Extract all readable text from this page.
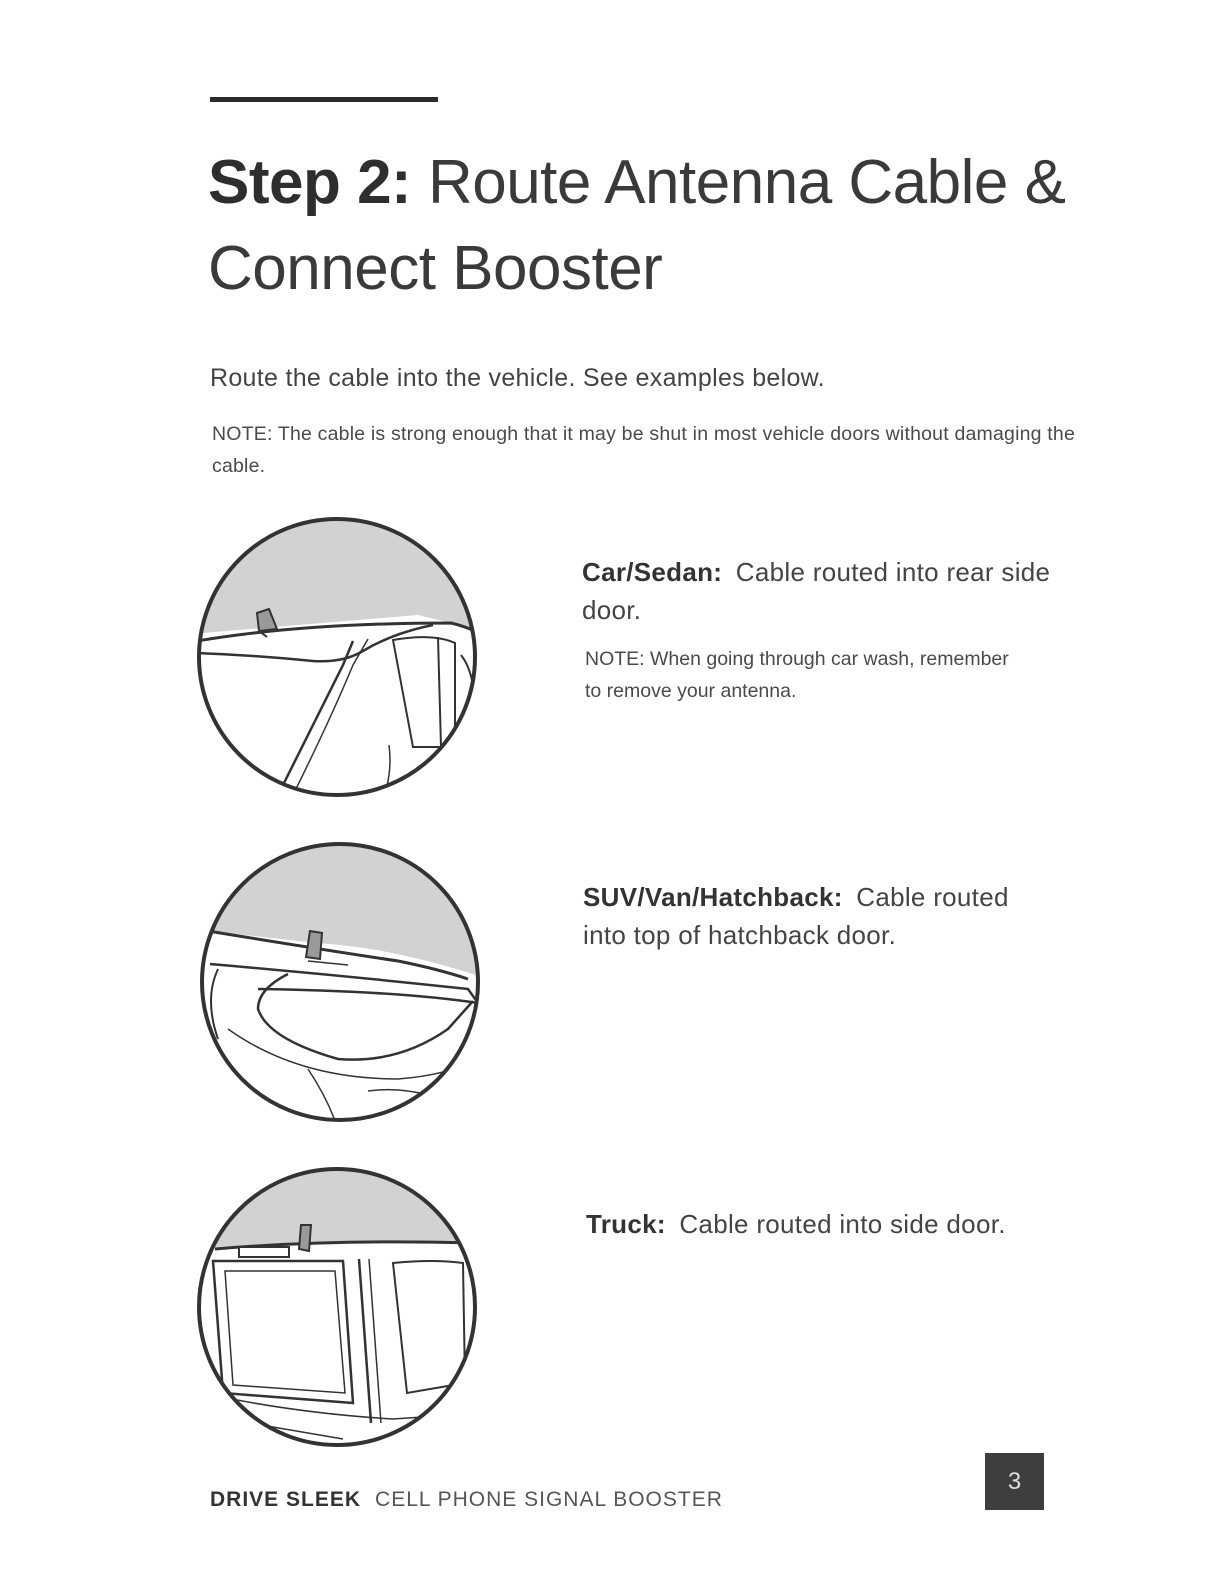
Step 2: Route Antenna Cable & Connect Booster

Route the cable into the vehicle. See examples below.

NOTE: The cable is strong enough that it may be shut in most vehicle doors without damaging the cable.

Car/Sedan: Cable routed into rear side door.

NOTE: When going through car wash, remember to remove your antenna.

SUV/Van/Hatchback: Cable routed into top of hatchback door.

Truck: Cable routed into side door.

DRIVE SLEEK CELL PHONE SIGNAL BOOSTER
3
